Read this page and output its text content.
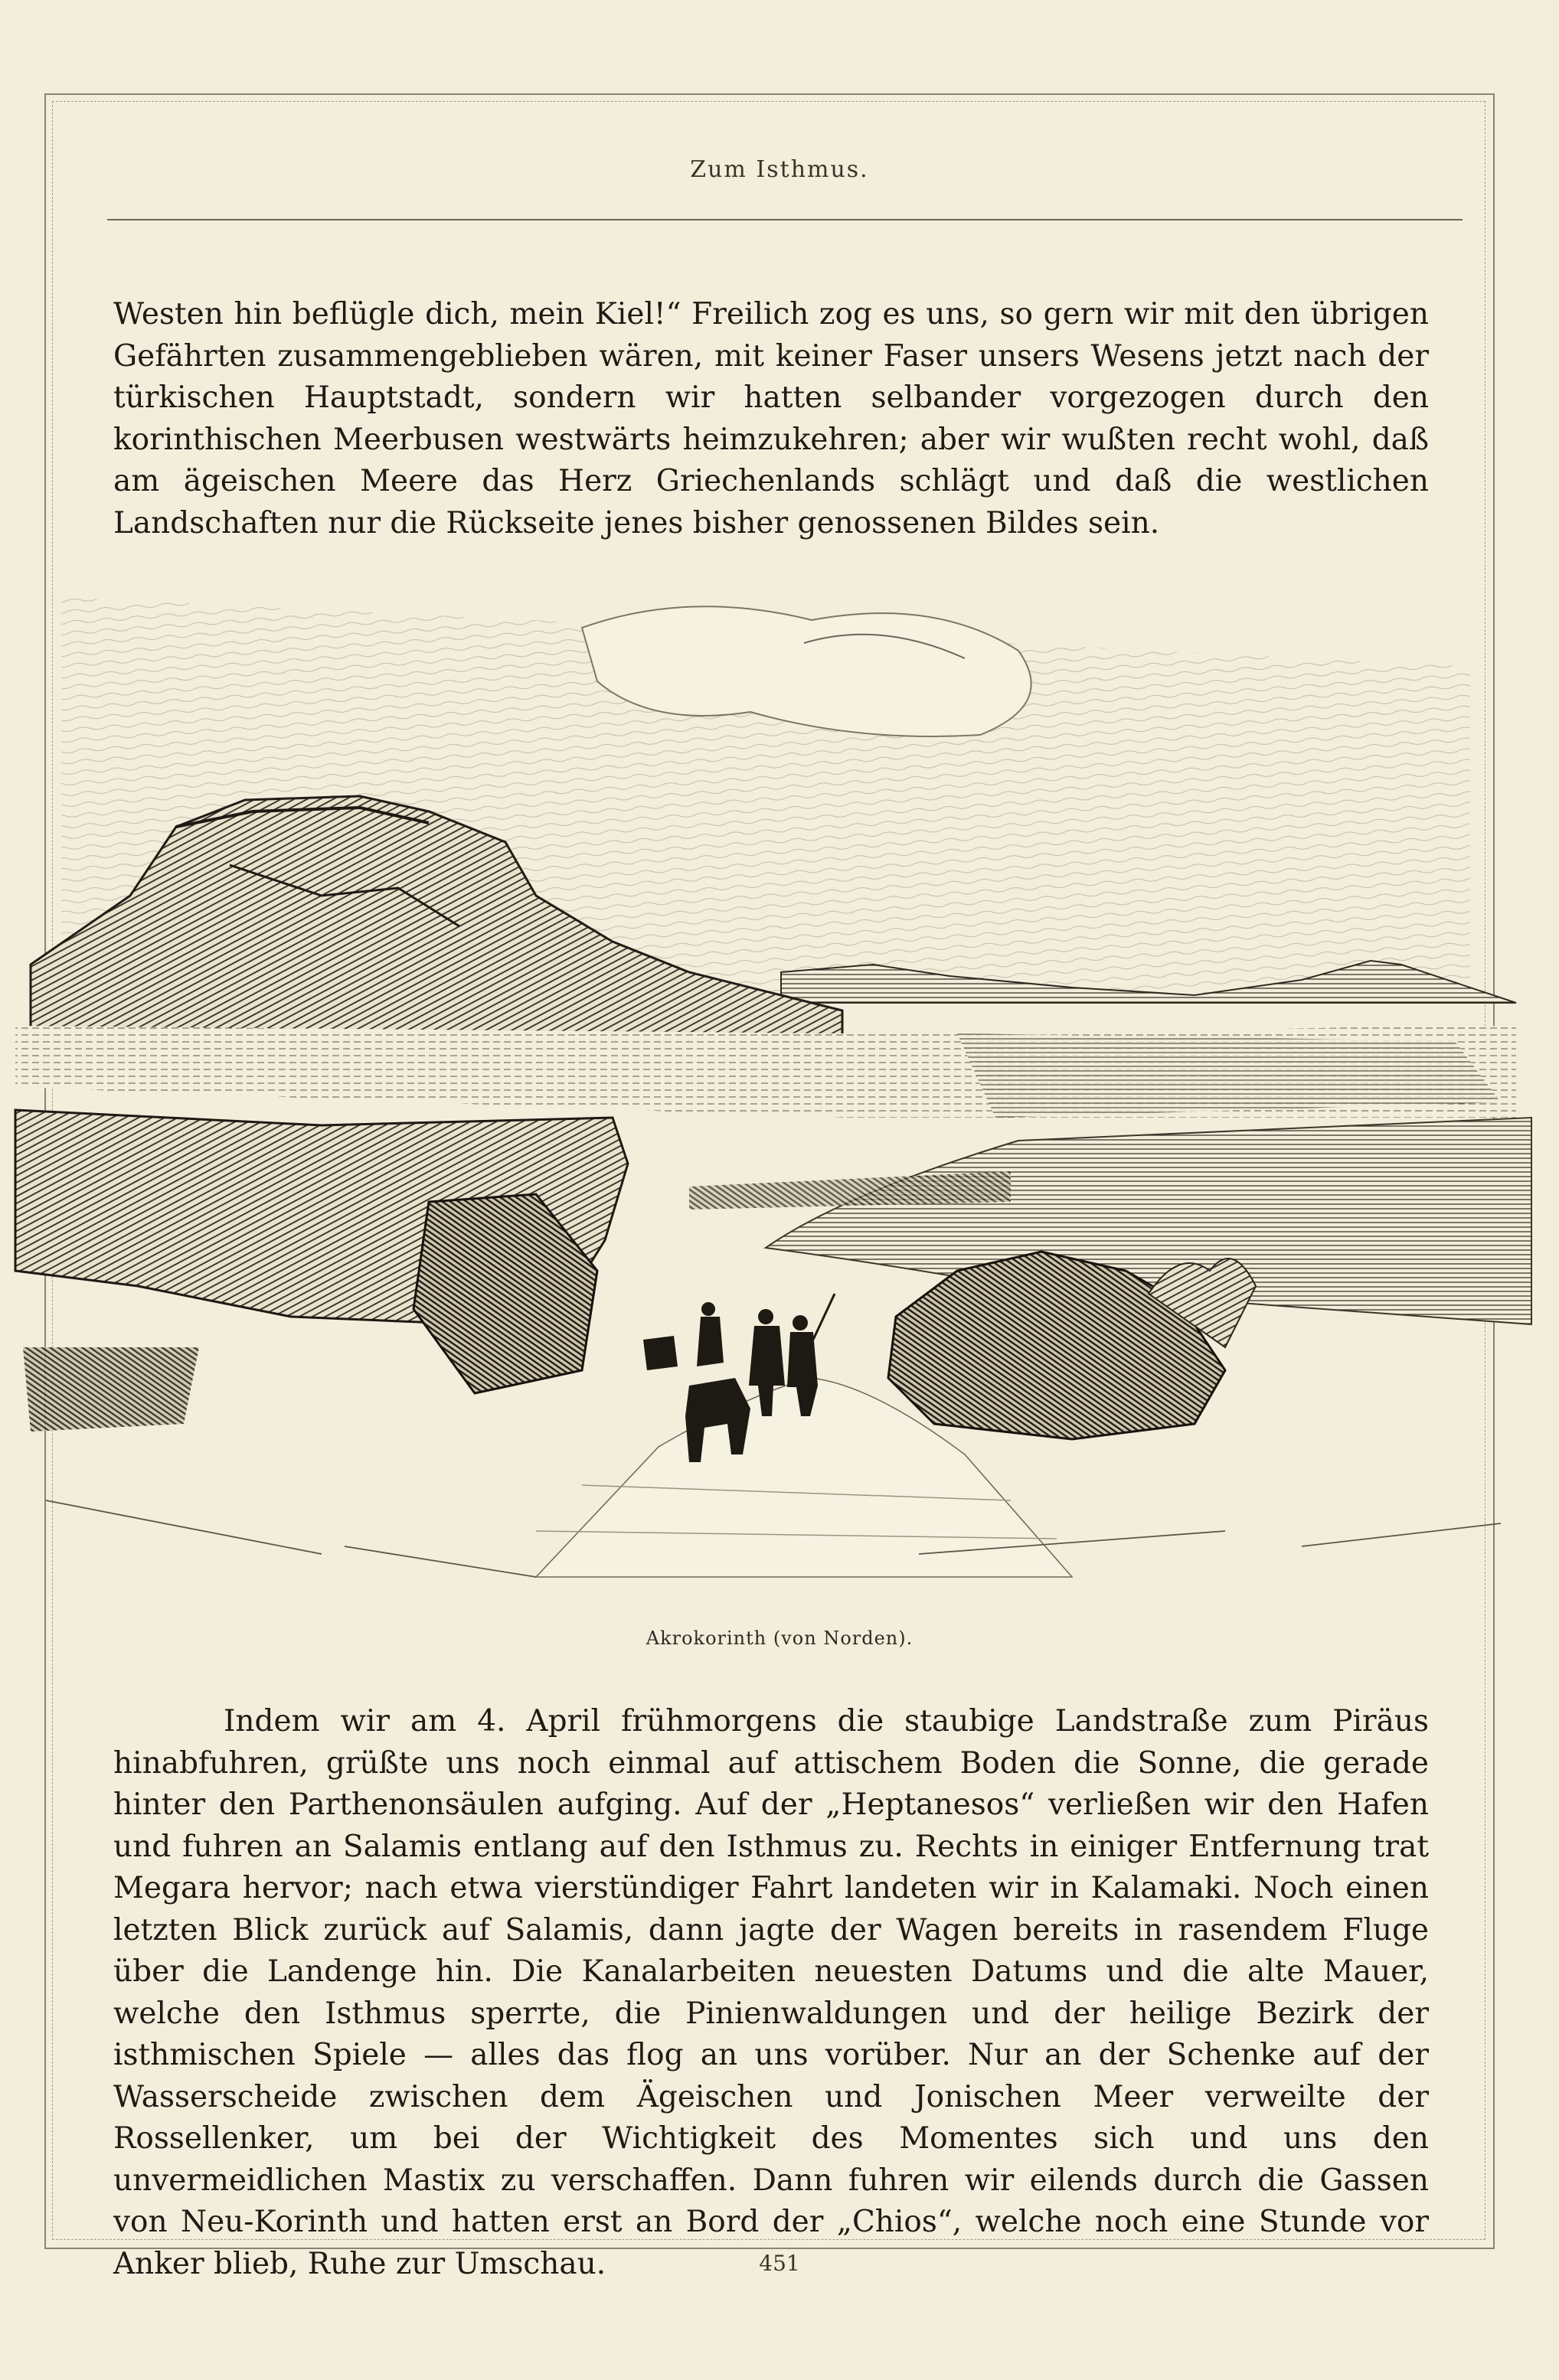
Zum Isthmus.

Westen hin beflügle dich, mein Kiel!“ Freilich zog es uns, so gern wir mit den übrigen Gefährten zusammengeblieben wären, mit keiner Faser unsers Wesens jetzt nach der türkischen Hauptstadt, sondern wir hatten selbander vorgezogen durch den korinthischen Meerbusen westwärts heimzukehren; aber wir wußten recht wohl, daß am ägeischen Meere das Herz Griechenlands schlägt und daß die westlichen Landschaften nur die Rückseite jenes bisher genossenen Bildes sein.

Akrokorinth (von Norden).

Indem wir am 4. April frühmorgens die staubige Landstraße zum Piräus hinabfuhren, grüßte uns noch einmal auf attischem Boden die Sonne, die gerade hinter den Parthenonsäulen aufging. Auf der „Heptanesos“ verließen wir den Hafen und fuhren an Salamis entlang auf den Isthmus zu. Rechts in einiger Entfernung trat Megara hervor; nach etwa vierstündiger Fahrt landeten wir in Kalamaki. Noch einen letzten Blick zurück auf Salamis, dann jagte der Wagen bereits in rasendem Fluge über die Landenge hin. Die Kanalarbeiten neuesten Datums und die alte Mauer, welche den Isthmus sperrte, die Pinienwaldungen und der heilige Bezirk der isthmischen Spiele — alles das flog an uns vorüber. Nur an der Schenke auf der Wasserscheide zwischen dem Ägeischen und Jonischen Meer verweilte der Rossellenker, um bei der Wichtigkeit des Momentes sich und uns den unvermeidlichen Mastix zu verschaffen. Dann fuhren wir eilends durch die Gassen von Neu-Korinth und hatten erst an Bord der „Chios“, welche noch eine Stunde vor Anker blieb, Ruhe zur Umschau.	451
